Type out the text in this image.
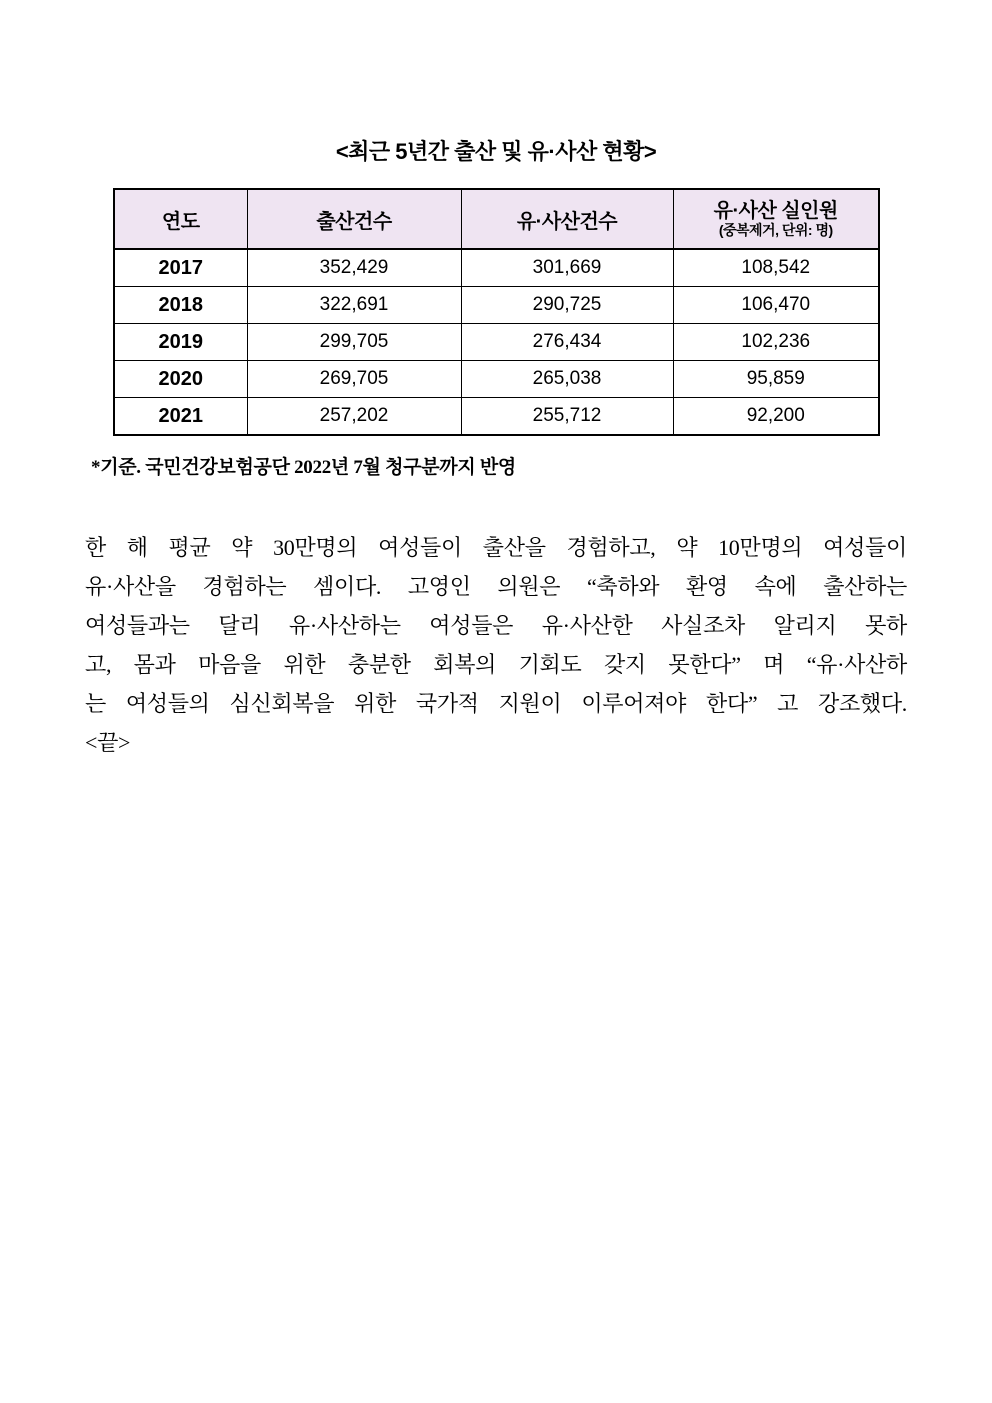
<최근 5년간 출산 및 유·사산 현황>
연도	출산건수	유·사산건수	유·사산 실인원
(중복제거, 단위: 명)

2017	352,429	301,669	108,542
2018	322,691	290,725	106,470
2019	299,705	276,434	102,236
2020	269,705	265,038	95,859
2021	257,202	255,712	92,200
*기준. 국민건강보험공단 2022년 7월 청구분까지 반영
한 해 평균 약 30만명의 여성들이 출산을 경험하고, 약 10만명의 여성들이
유·사산을 경험하는 셈이다. 고영인 의원은 “축하와 환영 속에 출산하는
여성들과는 달리 유·사산하는 여성들은 유·사산한 사실조차 알리지 못하
고, 몸과 마음을 위한 충분한 회복의 기회도 갖지 못한다” 며 “유·사산하
는 여성들의 심신회복을 위한 국가적 지원이 이루어져야 한다” 고 강조했다.
<끝>
